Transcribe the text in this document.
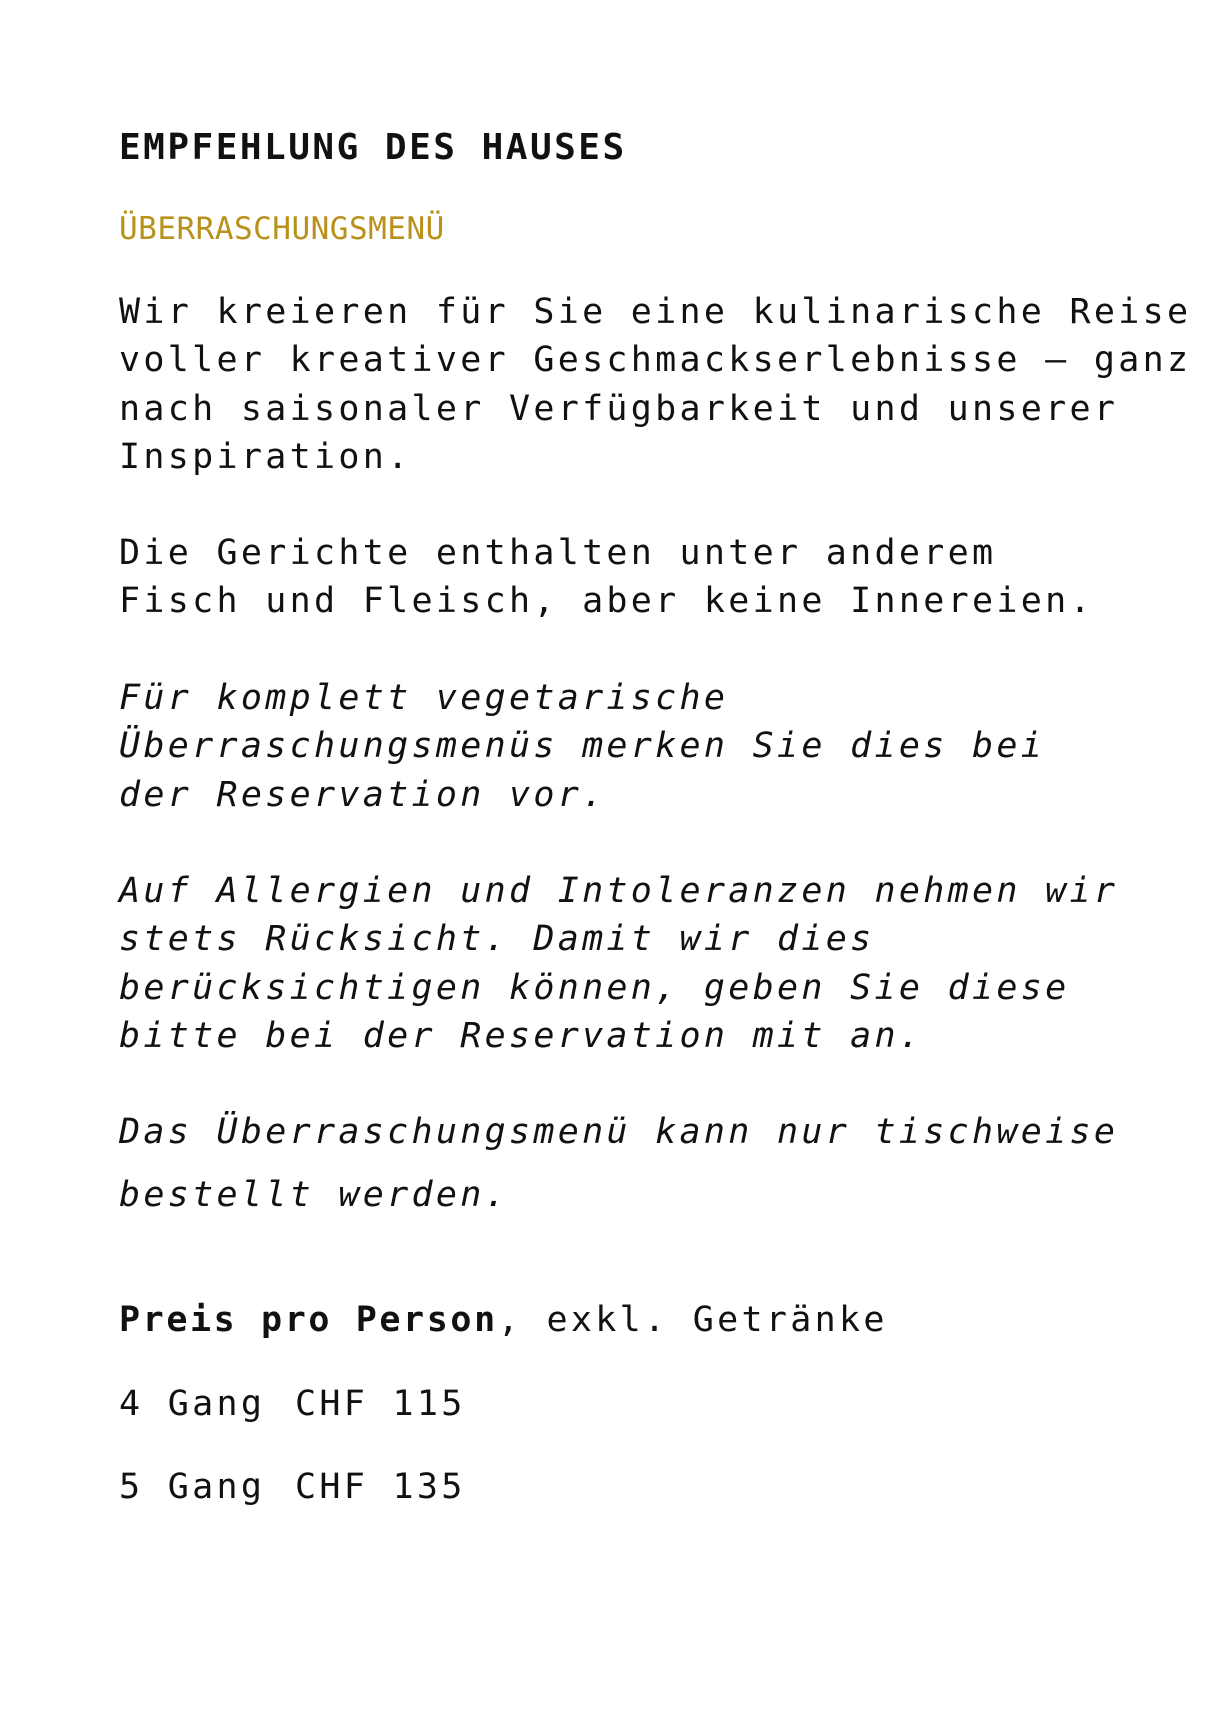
EMPFEHLUNG DES HAUSES
ÜBERRASCHUNGSMENÜ

Wir kreieren für Sie eine kulinarische Reise
voller kreativer Geschmackserlebnisse – ganz
nach saisonaler Verfügbarkeit und unserer
Inspiration.

Die Gerichte enthalten unter anderem
Fisch und Fleisch, aber keine Innereien.

Für komplett vegetarische
Überraschungsmenüs merken Sie dies bei
der Reservation vor.

Auf Allergien und Intoleranzen nehmen wir
stets Rücksicht. Damit wir dies
berücksichtigen können, geben Sie diese
bitte bei der Reservation mit an.

Das Überraschungsmenü kann nur tischweise

bestellt werden.

Preis pro Person, exkl. Getränke

4 Gang CHF 115
5 Gang CHF 135
